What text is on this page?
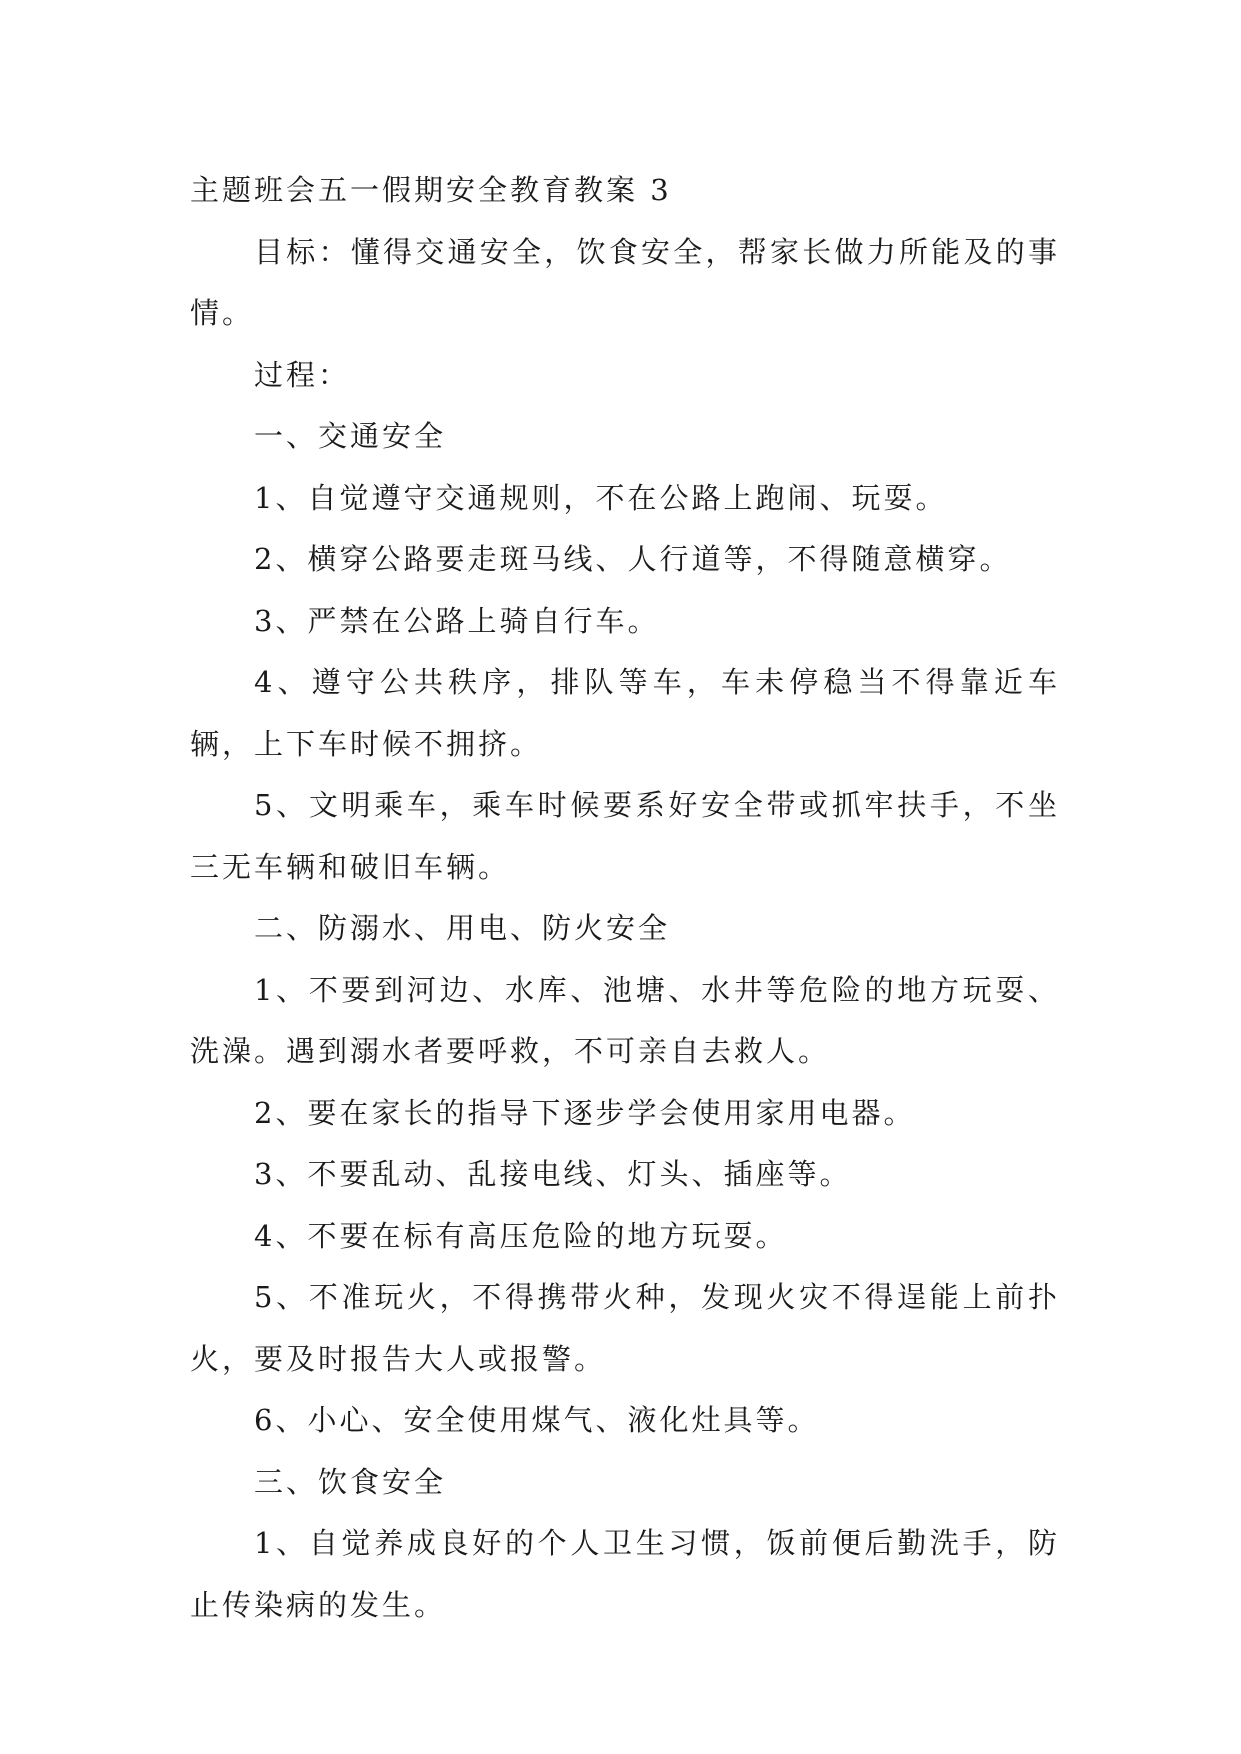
主题班会五一假期安全教育教案 3

目标：懂得交通安全，饮食安全，帮家长做力所能及的事情。

过程：

一、交通安全

1、自觉遵守交通规则，不在公路上跑闹、玩耍。

2、横穿公路要走斑马线、人行道等，不得随意横穿。

3、严禁在公路上骑自行车。

4、遵守公共秩序，排队等车，车未停稳当不得靠近车辆，上下车时候不拥挤。

5、文明乘车，乘车时候要系好安全带或抓牢扶手，不坐三无车辆和破旧车辆。

二、防溺水、用电、防火安全

1、不要到河边、水库、池塘、水井等危险的地方玩耍、洗澡。遇到溺水者要呼救，不可亲自去救人。

2、要在家长的指导下逐步学会使用家用电器。

3、不要乱动、乱接电线、灯头、插座等。

4、不要在标有高压危险的地方玩耍。

5、不准玩火，不得携带火种，发现火灾不得逞能上前扑火，要及时报告大人或报警。

6、小心、安全使用煤气、液化灶具等。

三、饮食安全

1、自觉养成良好的个人卫生习惯，饭前便后勤洗手，防止传染病的发生。
